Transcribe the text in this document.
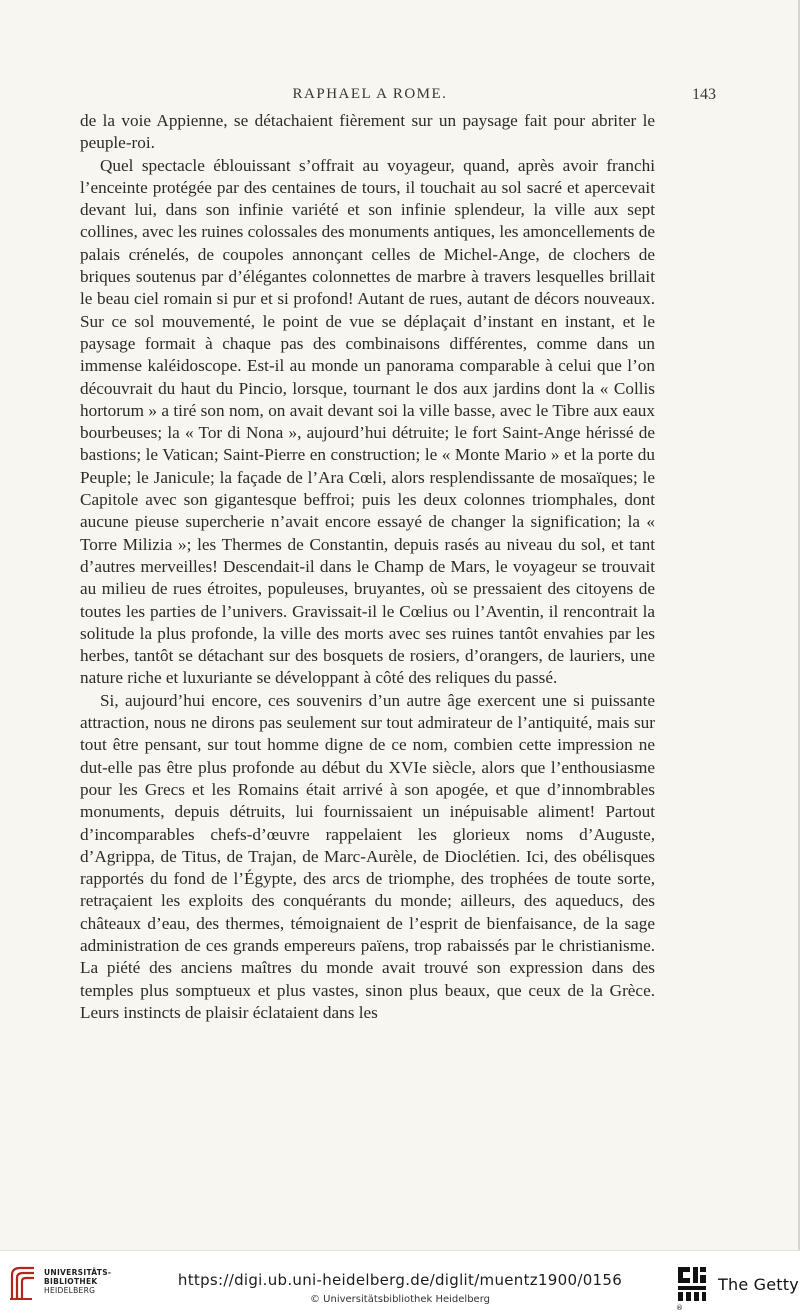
RAPHAEL A ROME.	143

de la voie Appienne, se détachaient fièrement sur un paysage fait pour abriter le peuple-roi.

Quel spectacle éblouissant s’offrait au voyageur, quand, après avoir franchi l’enceinte protégée par des centaines de tours, il touchait au sol sacré et apercevait devant lui, dans son infinie variété et son infinie splendeur, la ville aux sept collines, avec les ruines colossales des monuments antiques, les amoncellements de palais crénelés, de coupoles annonçant celles de Michel-Ange, de clochers de briques soutenus par d’élégantes colonnettes de marbre à travers lesquelles brillait le beau ciel romain si pur et si profond! Autant de rues, autant de décors nouveaux. Sur ce sol mouvementé, le point de vue se déplaçait d’instant en instant, et le paysage formait à chaque pas des combinaisons différentes, comme dans un immense kaléidoscope. Est-il au monde un panorama comparable à celui que l’on découvrait du haut du Pincio, lorsque, tournant le dos aux jardins dont la « Collis hortorum » a tiré son nom, on avait devant soi la ville basse, avec le Tibre aux eaux bourbeuses; la « Tor di Nona », aujourd’hui détruite; le fort Saint-Ange hérissé de bastions; le Vatican; Saint-Pierre en construction; le « Monte Mario » et la porte du Peuple; le Janicule; la façade de l’Ara Cœli, alors resplendissante de mosaïques; le Capitole avec son gigantesque beffroi; puis les deux colonnes triomphales, dont aucune pieuse supercherie n’avait encore essayé de changer la signification; la « Torre Milizia »; les Thermes de Constantin, depuis rasés au niveau du sol, et tant d’autres merveilles! Descendait-il dans le Champ de Mars, le voyageur se trouvait au milieu de rues étroites, populeuses, bruyantes, où se pressaient des citoyens de toutes les parties de l’univers. Gravissait-il le Cœlius ou l’Aventin, il rencontrait la solitude la plus profonde, la ville des morts avec ses ruines tantôt envahies par les herbes, tantôt se détachant sur des bosquets de rosiers, d’orangers, de lauriers, une nature riche et luxuriante se développant à côté des reliques du passé.

Si, aujourd’hui encore, ces souvenirs d’un autre âge exercent une si puissante attraction, nous ne dirons pas seulement sur tout admirateur de l’antiquité, mais sur tout être pensant, sur tout homme digne de ce nom, combien cette impression ne dut-elle pas être plus profonde au début du XVIe siècle, alors que l’enthousiasme pour les Grecs et les Romains était arrivé à son apogée, et que d’innombrables monuments, depuis détruits, lui fournissaient un inépuisable aliment! Partout d’incomparables chefs-d’œuvre rappelaient les glorieux noms d’Auguste, d’Agrippa, de Titus, de Trajan, de Marc-Aurèle, de Dioclétien. Ici, des obélisques rapportés du fond de l’Égypte, des arcs de triomphe, des trophées de toute sorte, retraçaient les exploits des conquérants du monde; ailleurs, des aqueducs, des châteaux d’eau, des thermes, témoignaient de l’esprit de bienfaisance, de la sage administration de ces grands empereurs païens, trop rabaissés par le christianisme. La piété des anciens maîtres du monde avait trouvé son expression dans des temples plus somptueux et plus vastes, sinon plus beaux, que ceux de la Grèce. Leurs instincts de plaisir éclataient dans les

UNIVERSITÄTS-
BIBLIOTHEK
HEIDELBERG
https://digi.ub.uni-heidelberg.de/diglit/muentz1900/0156
© Universitätsbibliothek Heidelberg
The Getty
®
